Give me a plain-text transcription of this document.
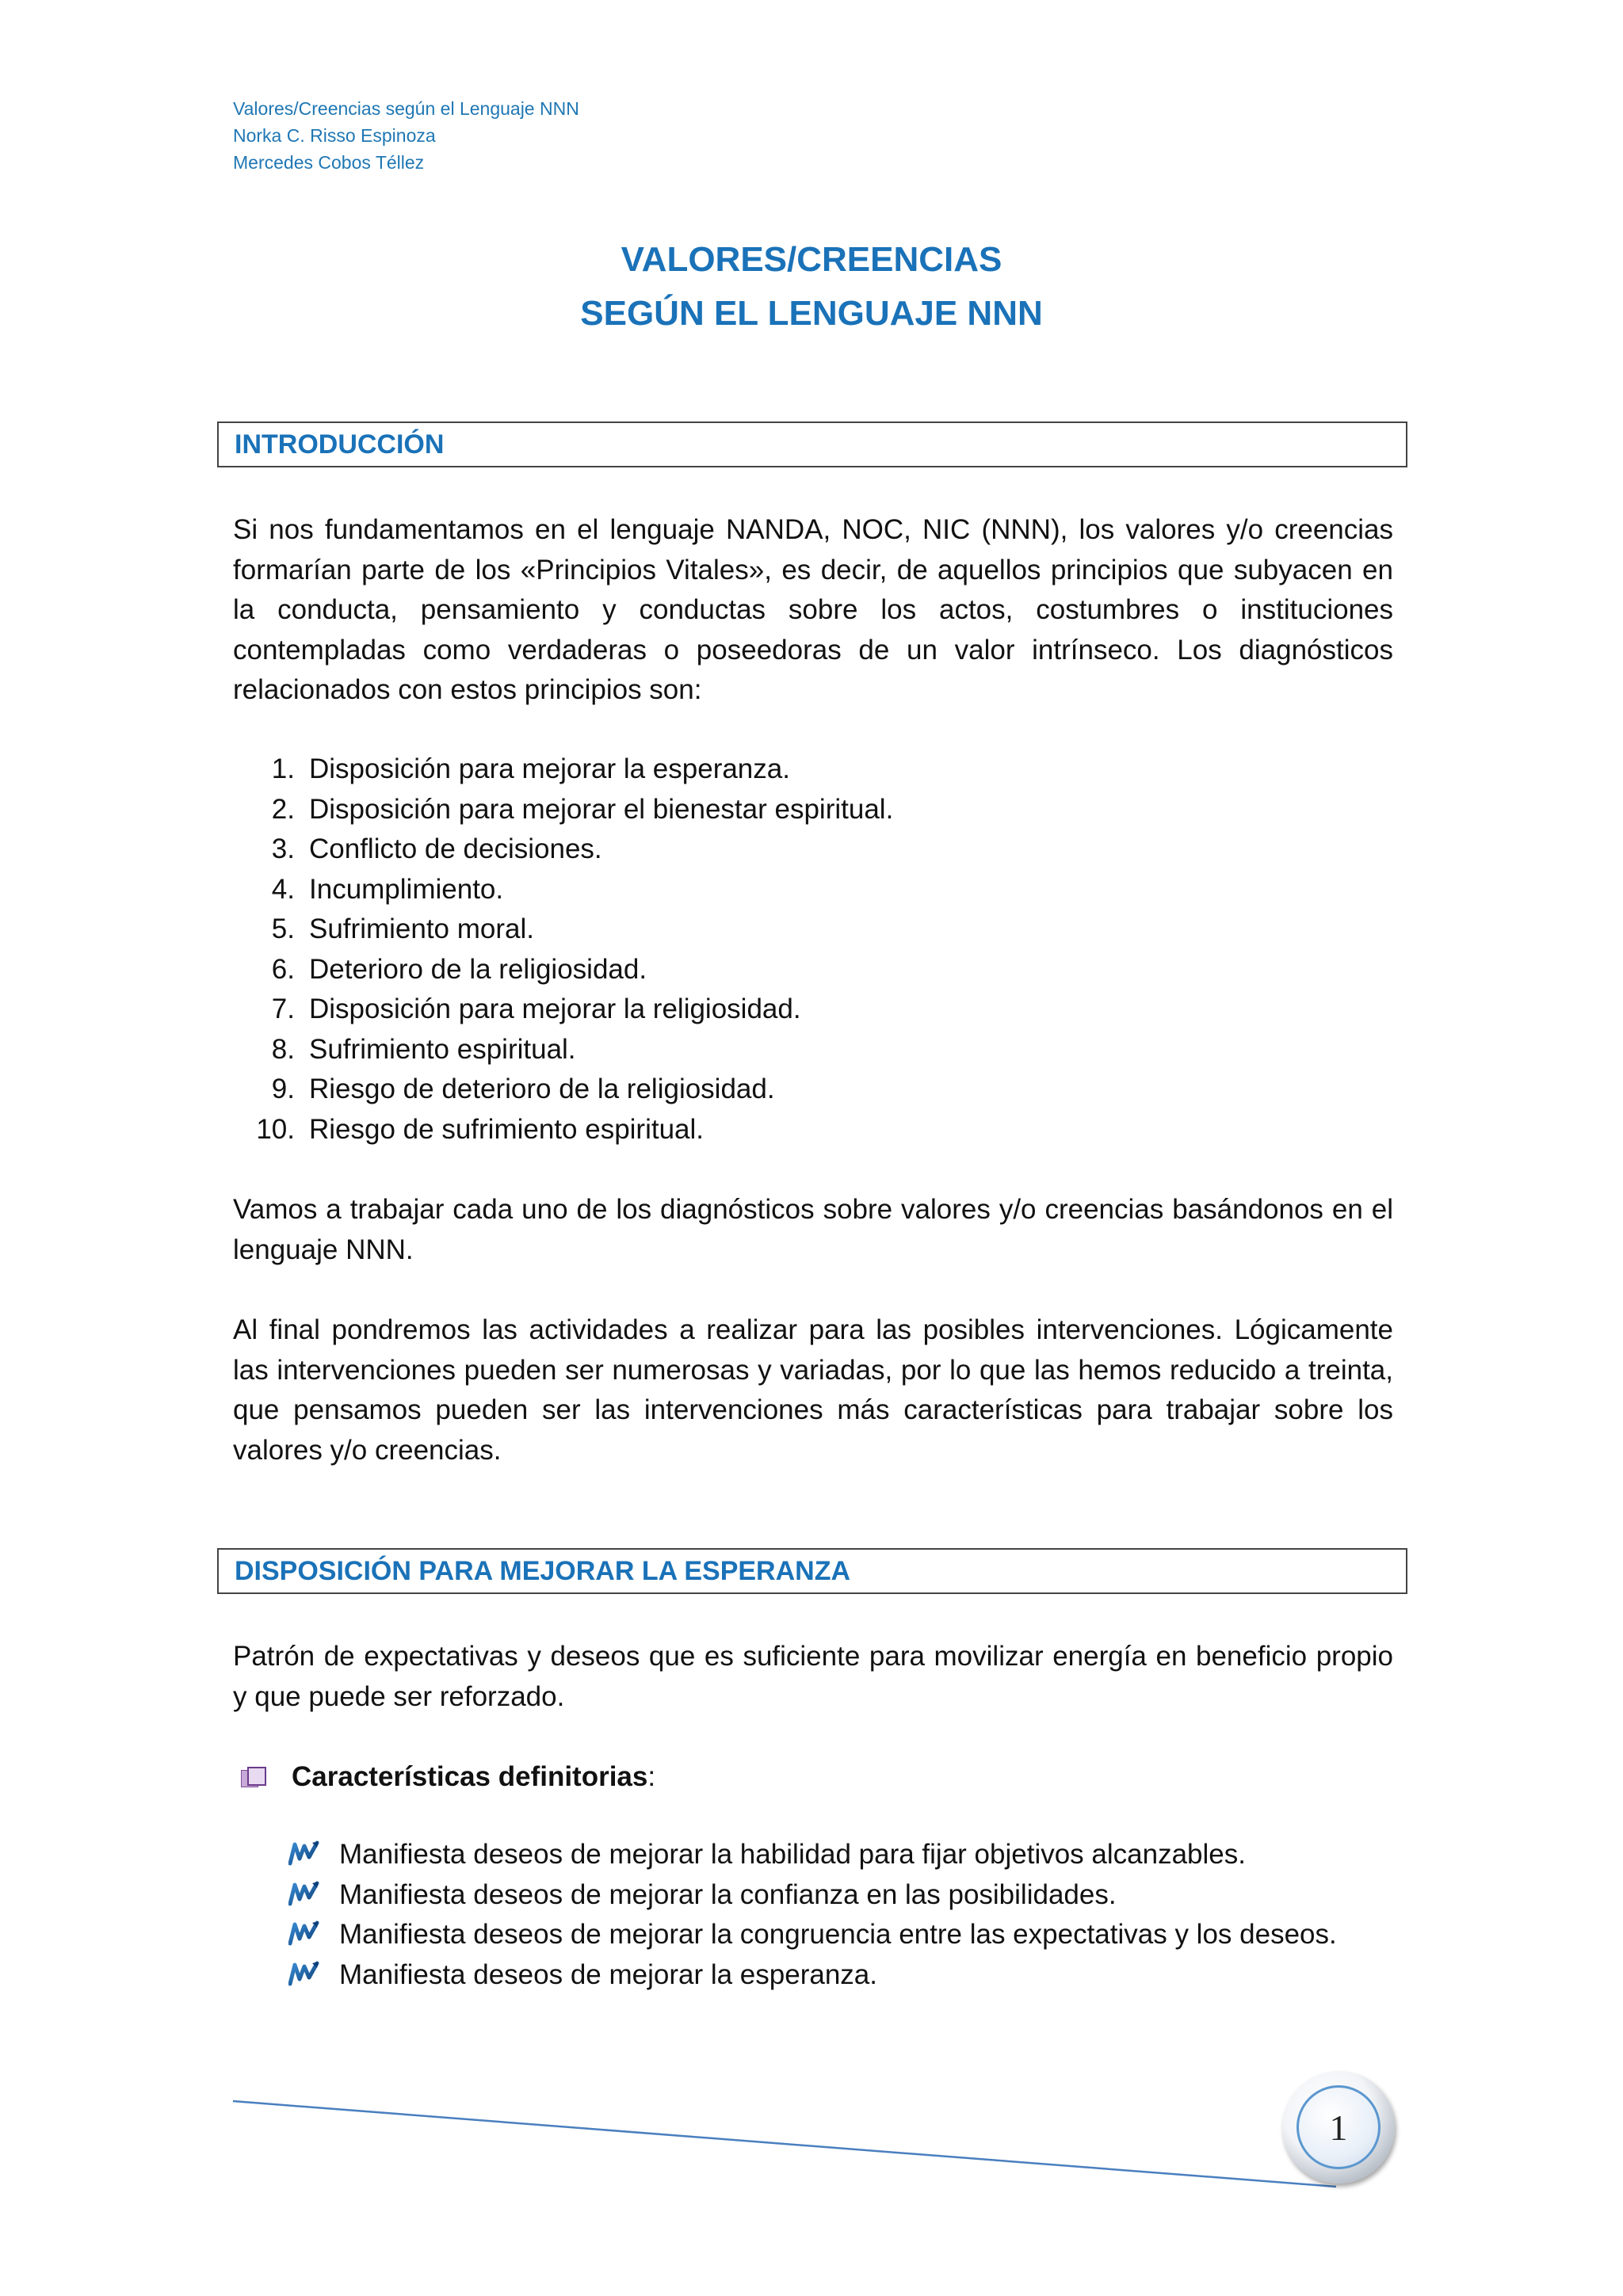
Valores/Creencias según el Lenguaje NNN
Norka C. Risso Espinoza
Mercedes Cobos Téllez
VALORES/CREENCIAS
SEGÚN EL LENGUAJE NNN
INTRODUCCIÓN
Si nos fundamentamos en el lenguaje NANDA, NOC, NIC (NNN), los valores y/o creencias formarían parte de los «Principios Vitales», es decir, de aquellos principios que subyacen en la conducta, pensamiento y conductas sobre los actos, costumbres o instituciones contempladas como verdaderas o poseedoras de un valor intrínseco. Los diagnósticos relacionados con estos principios son:
1. Disposición para mejorar la esperanza.
2. Disposición para mejorar el bienestar espiritual.
3. Conflicto de decisiones.
4. Incumplimiento.
5. Sufrimiento moral.
6. Deterioro de la religiosidad.
7. Disposición para mejorar la religiosidad.
8. Sufrimiento espiritual.
9. Riesgo de deterioro de la religiosidad.
10. Riesgo de sufrimiento espiritual.
Vamos a trabajar cada uno de los diagnósticos sobre valores y/o creencias basándonos en el lenguaje NNN.
Al final pondremos las actividades a realizar para las posibles intervenciones. Lógicamente las intervenciones pueden ser numerosas y variadas, por lo que las hemos reducido a treinta, que pensamos pueden ser las intervenciones más características para trabajar sobre los valores y/o creencias.
DISPOSICIÓN PARA MEJORAR LA ESPERANZA
Patrón de expectativas y deseos que es suficiente para movilizar energía en beneficio propio y que puede ser reforzado.
Características definitorias :
Manifiesta deseos de mejorar la habilidad para fijar objetivos alcanzables.
Manifiesta deseos de mejorar la confianza en las posibilidades.
Manifiesta deseos de mejorar la congruencia entre las expectativas y los deseos.
Manifiesta deseos de mejorar la esperanza.
1
